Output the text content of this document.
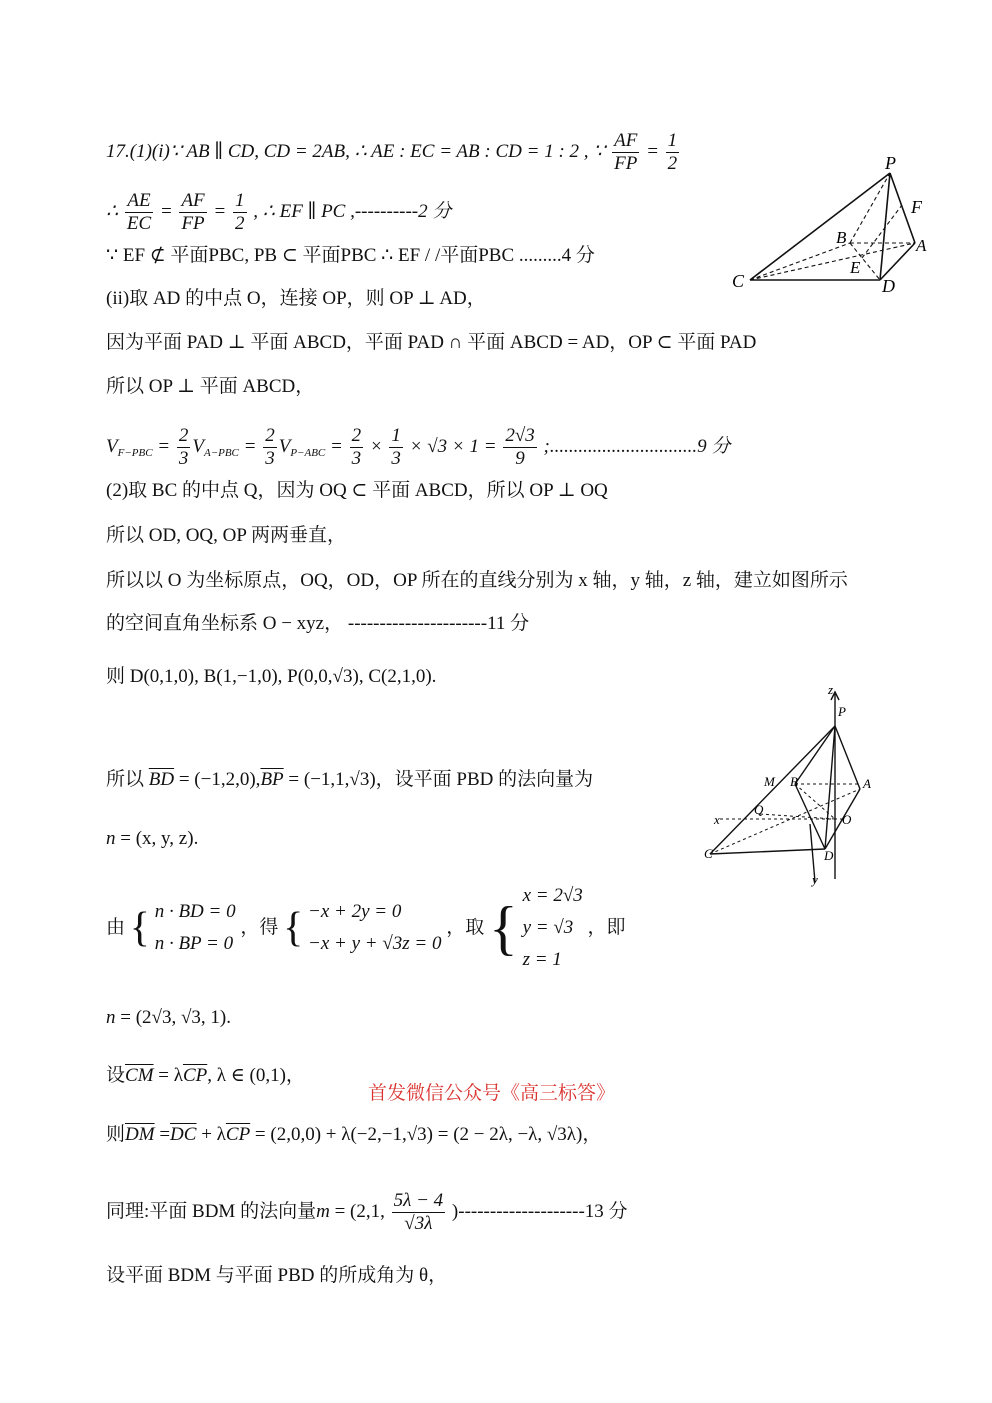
17.(1)(i)∵ AB ∥ CD, CD = 2AB, ∴ AE : EC = AB : CD = 1 : 2 , ∵ $\frac{AF}{FP} = \frac{1}{2}$
∴ $\frac{AE}{EC} = \frac{AF}{FP} = \frac{1}{2}$ , ∴ EF ∥ PC ,----------2 分
∵ EF ⊄ 平面PBC, PB ⊂ 平面PBC ∴ EF / /平面PBC .........4 分
(ii)取 AD 的中点 O，连接 OP，则 OP ⊥ AD，
因为平面 PAD ⊥ 平面 ABCD，平面 PAD ∩ 平面 ABCD = AD，OP ⊂ 平面 PAD
所以 OP ⊥ 平面 ABCD，
$V_{F-PBC} = \frac{2}{3} V_{A-PBC} = \frac{2}{3} V_{P-ABC} = \frac{2}{3} \times \frac{1}{3} \times √3 \times 1 = \frac{2√3}{9}$ ;...............................9 分
(2)取 BC 的中点 Q，因为 OQ ⊂ 平面 ABCD，所以 OP ⊥ OQ
所以 OD, OQ, OP 两两垂直，
所以以 O 为坐标原点，OQ，OD，OP 所在的直线分别为 x 轴，y 轴，z 轴，建立如图所示
的空间直角坐标系 O − xyz， ----------------------11 分
则 D(0,1,0), B(1,−1,0), P(0,0,√3), C(2,1,0).
所以 $\overline{BD} = (-1,2,0),\overline{BP} = (-1,1,√3)$，设平面 PBD 的法向量为
n = (x, y, z).
由 { n · BD = 0
n · BP = 0
，得 { −x + 2y = 0
−x + y + √3z = 0
，取 { x = 2√3
y = √3
z = 1
，即
n = (2√3, √3, 1).
设$\overline{CM} = \lambda\overline{CP}$, λ ∈ (0,1)，
首发微信公众号《高三标答》
则$\overline{DM} =\overline{DC} + \lambda\overline{CP} = (2,0,0) + \lambda(-2,-1,√3) = (2 - 2\lambda$, −λ, √3λ)，
同理:平面 BDM 的法向量m = (2,1, $\frac{5\lambda - 4}{√3\lambda} )--------------------13$ 分
设平面 BDM 与平面 PBD 的所成角为 θ，
P
F
B	A
E
C	D
z
P
M B	A
Q
x	O
C	D
y
